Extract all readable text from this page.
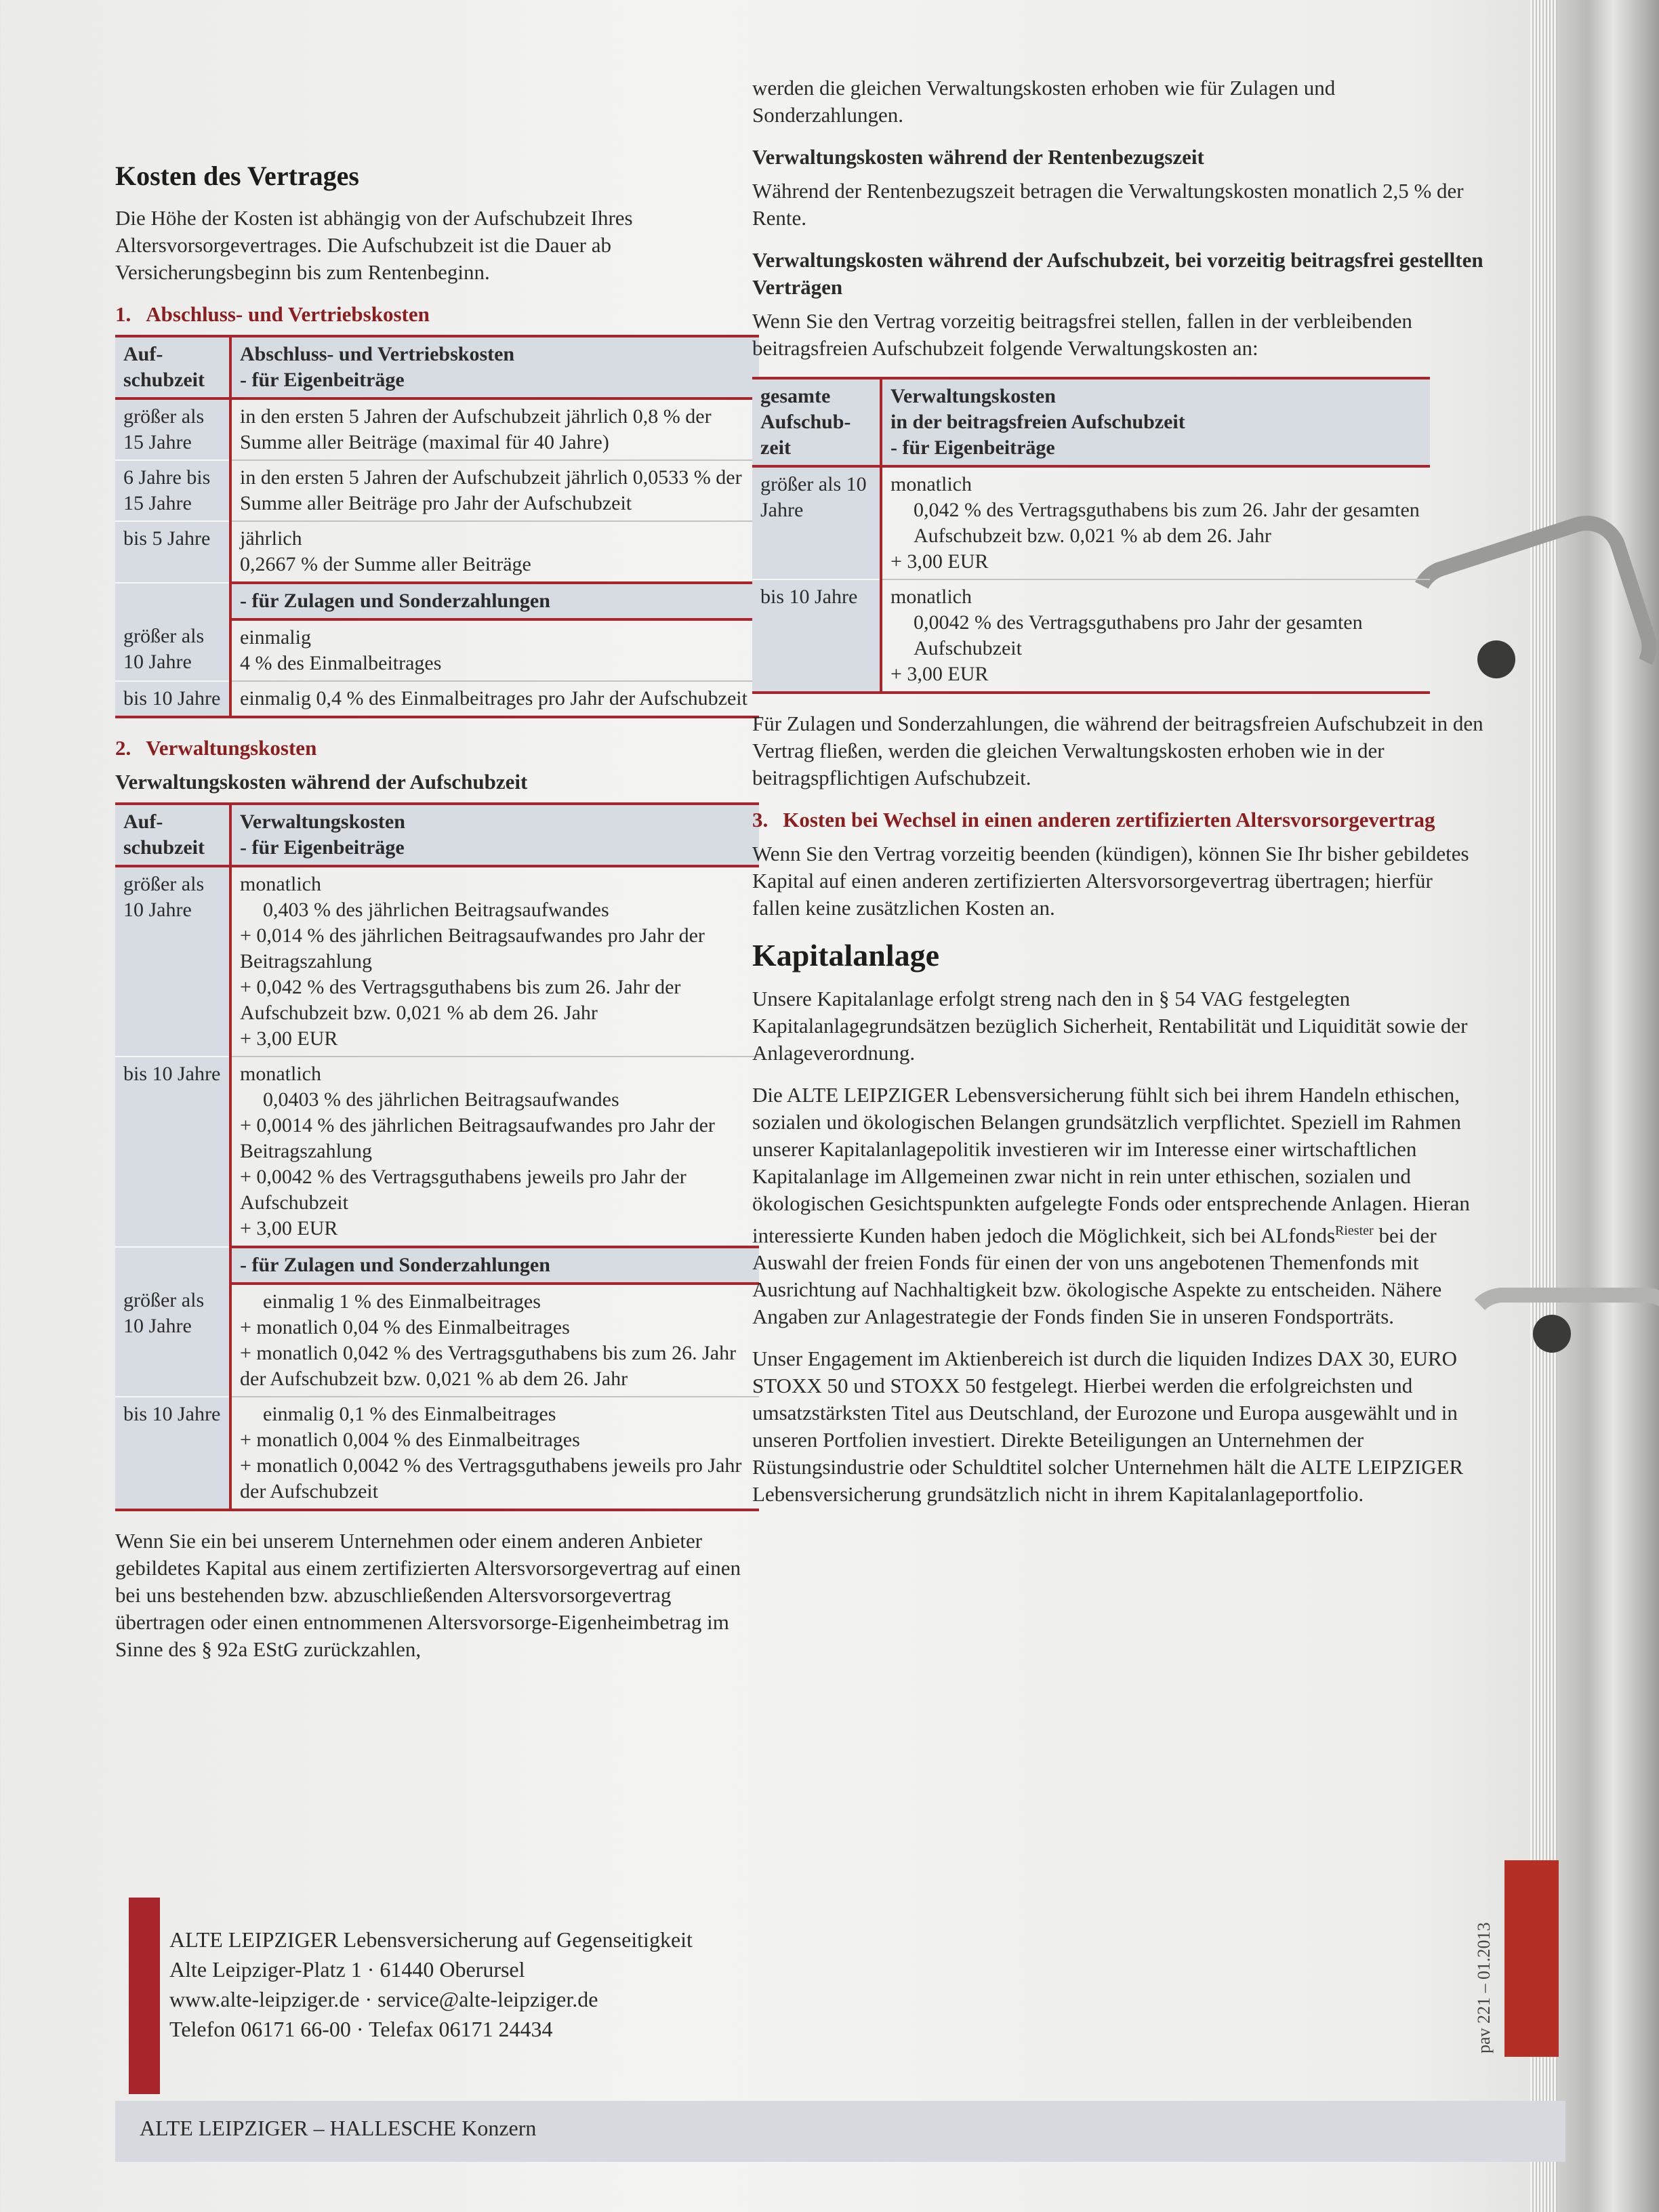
Kosten des Vertrages

Die Höhe der Kosten ist abhängig von der Aufschubzeit Ihres Altersvorsorgevertrages. Die Aufschubzeit ist die Dauer ab Versicherungsbeginn bis zum Rentenbeginn.

1. Abschluss- und Vertriebskosten
Auf-schubzeit	Abschluss- und Vertriebskosten
- für Eigenbeiträge

größer als 15 Jahre	in den ersten 5 Jahren der Aufschubzeit jährlich 0,8 % der Summe aller Beiträge (maximal für 40 Jahre)
6 Jahre bis 15 Jahre	in den ersten 5 Jahren der Aufschubzeit jährlich 0,0533 % der Summe aller Beiträge pro Jahr der Aufschubzeit
bis 5 Jahre	jährlich
0,2667 % der Summe aller Beiträge

	- für Zulagen und Sonderzahlungen
größer als 10 Jahre	einmalig
4 % des Einmalbeitrages

bis 10 Jahre	einmalig 0,4 % des Einmalbeitrages pro Jahr der Aufschubzeit
2. Verwaltungskosten
Verwaltungskosten während der Aufschubzeit
Auf-schubzeit	Verwaltungskosten
- für Eigenbeiträge

größer als 10 Jahre	monatlich
0,403 % des jährlichen Beitragsaufwandes
+ 0,014 % des jährlichen Beitragsaufwandes pro Jahr der Beitragszahlung
+ 0,042 % des Vertragsguthabens bis zum 26. Jahr der Aufschubzeit bzw. 0,021 % ab dem 26. Jahr
+ 3,00 EUR

bis 10 Jahre	monatlich
0,0403 % des jährlichen Beitragsaufwandes
+ 0,0014 % des jährlichen Beitragsaufwandes pro Jahr der Beitragszahlung
+ 0,0042 % des Vertragsguthabens jeweils pro Jahr der Aufschubzeit
+ 3,00 EUR

	- für Zulagen und Sonderzahlungen
größer als 10 Jahre	einmalig 1 % des Einmalbeitrages
+ monatlich 0,04 % des Einmalbeitrages
+ monatlich 0,042 % des Vertragsguthabens bis zum 26. Jahr der Aufschubzeit bzw. 0,021 % ab dem 26. Jahr

bis 10 Jahre	einmalig 0,1 % des Einmalbeitrages
+ monatlich 0,004 % des Einmalbeitrages
+ monatlich 0,0042 % des Vertragsguthabens jeweils pro Jahr der Aufschubzeit

Wenn Sie ein bei unserem Unternehmen oder einem anderen Anbieter gebildetes Kapital aus einem zertifizierten Altersvorsorgevertrag auf einen bei uns bestehenden bzw. abzuschließenden Altersvorsorgevertrag übertragen oder einen entnommenen Altersvorsorge-Eigenheimbetrag im Sinne des § 92a EStG zurückzahlen,

werden die gleichen Verwaltungskosten erhoben wie für Zulagen und Sonderzahlungen.

Verwaltungskosten während der Rentenbezugszeit

Während der Rentenbezugszeit betragen die Verwaltungskosten monatlich 2,5 % der Rente.

Verwaltungskosten während der Aufschubzeit, bei vorzeitig beitragsfrei gestellten Verträgen

Wenn Sie den Vertrag vorzeitig beitragsfrei stellen, fallen in der verbleibenden beitragsfreien Aufschubzeit folgende Verwaltungskosten an:

gesamte Aufschub-zeit	Verwaltungskosten
in der beitragsfreien Aufschubzeit
- für Eigenbeiträge

größer als 10 Jahre	monatlich
0,042 % des Vertragsguthabens bis zum 26. Jahr der gesamten Aufschubzeit bzw. 0,021 % ab dem 26. Jahr
+ 3,00 EUR

bis 10 Jahre	monatlich
0,0042 % des Vertragsguthabens pro Jahr der gesamten Aufschubzeit
+ 3,00 EUR

Für Zulagen und Sonderzahlungen, die während der beitragsfreien Aufschubzeit in den Vertrag fließen, werden die gleichen Verwaltungskosten erhoben wie in der beitragspflichtigen Aufschubzeit.

3. Kosten bei Wechsel in einen anderen zertifizierten Altersvorsorgevertrag

Wenn Sie den Vertrag vorzeitig beenden (kündigen), können Sie Ihr bisher gebildetes Kapital auf einen anderen zertifizierten Altersvorsorgevertrag übertragen; hierfür fallen keine zusätzlichen Kosten an.

Kapitalanlage

Unsere Kapitalanlage erfolgt streng nach den in § 54 VAG festgelegten Kapitalanlagegrundsätzen bezüglich Sicherheit, Rentabilität und Liquidität sowie der Anlageverordnung.

Die ALTE LEIPZIGER Lebensversicherung fühlt sich bei ihrem Handeln ethischen, sozialen und ökologischen Belangen grundsätzlich verpflichtet. Speziell im Rahmen unserer Kapitalanlagepolitik investieren wir im Interesse einer wirtschaftlichen Kapitalanlage im Allgemeinen zwar nicht in rein unter ethischen, sozialen und ökologischen Gesichtspunkten aufgelegte Fonds oder entsprechende Anlagen. Hieran interessierte Kunden haben jedoch die Möglichkeit, sich bei ALfonds$^{Riester}$ bei der Auswahl der freien Fonds für einen der von uns angebotenen Themenfonds mit Ausrichtung auf Nachhaltigkeit bzw. ökologische Aspekte zu entscheiden. Nähere Angaben zur Anlagestrategie der Fonds finden Sie in unseren Fondsporträts.

Unser Engagement im Aktienbereich ist durch die liquiden Indizes DAX 30, EURO STOXX 50 und STOXX 50 festgelegt. Hierbei werden die erfolgreichsten und umsatzstärksten Titel aus Deutschland, der Eurozone und Europa ausgewählt und in unseren Portfolien investiert. Direkte Beteiligungen an Unternehmen der Rüstungsindustrie oder Schuldtitel solcher Unternehmen hält die ALTE LEIPZIGER Lebensversicherung grundsätzlich nicht in ihrem Kapitalanlageportfolio.

ALTE LEIPZIGER Lebensversicherung auf Gegenseitigkeit
Alte Leipziger-Platz 1 · 61440 Oberursel
www.alte-leipziger.de · service@alte-leipziger.de
Telefon 06171 66-00 · Telefax 06171 24434	pav 221 – 01.2013
ALTE LEIPZIGER – HALLESCHE Konzern
